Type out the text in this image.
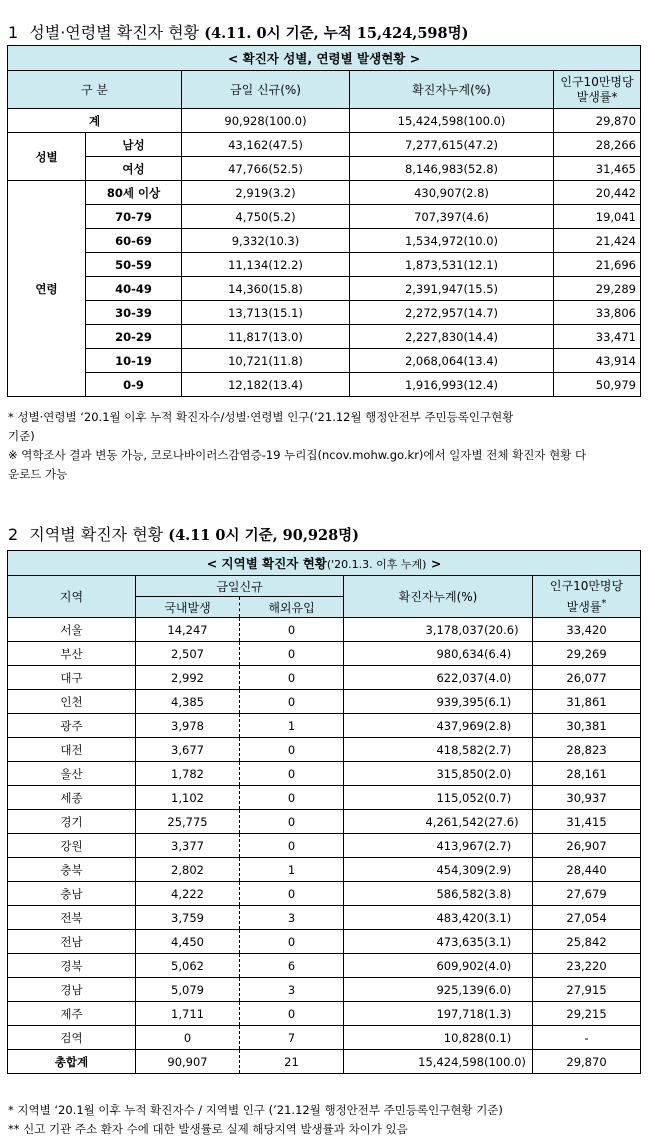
1 성별·연령별 확진자 현황 (4.11. 0시 기준, 누적 15,424,598명)
< 확진자 성별, 연령별 발생현황 >				
구 분		금일 신규(%)	확진자누계(%)	인구10만명당
발생률*

계		90,928(100.0)	15,424,598(100.0)	29,870
성별	남성	43,162(47.5)	7,277,615(47.2)	28,266
	여성	47,766(52.5)	8,146,983(52.8)	31,465
연령	80세 이상	2,919(3.2)	430,907(2.8)	20,442
	70-79	4,750(5.2)	707,397(4.6)	19,041
	60-69	9,332(10.3)	1,534,972(10.0)	21,424
	50-59	11,134(12.2)	1,873,531(12.1)	21,696
	40-49	14,360(15.8)	2,391,947(15.5)	29,289
	30-39	13,713(15.1)	2,272,957(14.7)	33,806
	20-29	11,817(13.0)	2,227,830(14.4)	33,471
	10-19	10,721(11.8)	2,068,064(13.4)	43,914
	0-9	12,182(13.4)	1,916,993(12.4)	50,979
* 성별·연령별 ‘20.1월 이후 누적 확진자수/성별·연령별 인구(’21.12월 행정안전부 주민등록인구현황
기준)
※ 역학조사 결과 변동 가능, 코로나바이러스감염증-19 누리집(ncov.mohw.go.kr)에서 일자별 전체 확진자 현황 다
운로드 가능
2 지역별 확진자 현황 (4.11 0시 기준, 90,928명)
< 지역별 확진자 현황('20.1.3. 이후 누계) >				
지역	금일신규		확진자누계(%)	인구10만명당
발생률*

	국내발생	해외유입		
서울	14,247	0	3,178,037(20.6)	33,420
부산	2,507	0	980,634(6.4)	29,269
대구	2,992	0	622,037(4.0)	26,077
인천	4,385	0	939,395(6.1)	31,861
광주	3,978	1	437,969(2.8)	30,381
대전	3,677	0	418,582(2.7)	28,823
울산	1,782	0	315,850(2.0)	28,161
세종	1,102	0	115,052(0.7)	30,937
경기	25,775	0	4,261,542(27.6)	31,415
강원	3,377	0	413,967(2.7)	26,907
충북	2,802	1	454,309(2.9)	28,440
충남	4,222	0	586,582(3.8)	27,679
전북	3,759	3	483,420(3.1)	27,054
전남	4,450	0	473,635(3.1)	25,842
경북	5,062	6	609,902(4.0)	23,220
경남	5,079	3	925,139(6.0)	27,915
제주	1,711	0	197,718(1.3)	29,215
검역	0	7	10,828(0.1)	-
총합계	90,907	21	15,424,598(100.0)	29,870
* 지역별 ‘20.1월 이후 누적 확진자수 / 지역별 인구 (’21.12월 행정안전부 주민등록인구현황 기준)
** 신고 기관 주소 환자 수에 대한 발생률로 실제 해당지역 발생률과 차이가 있음
